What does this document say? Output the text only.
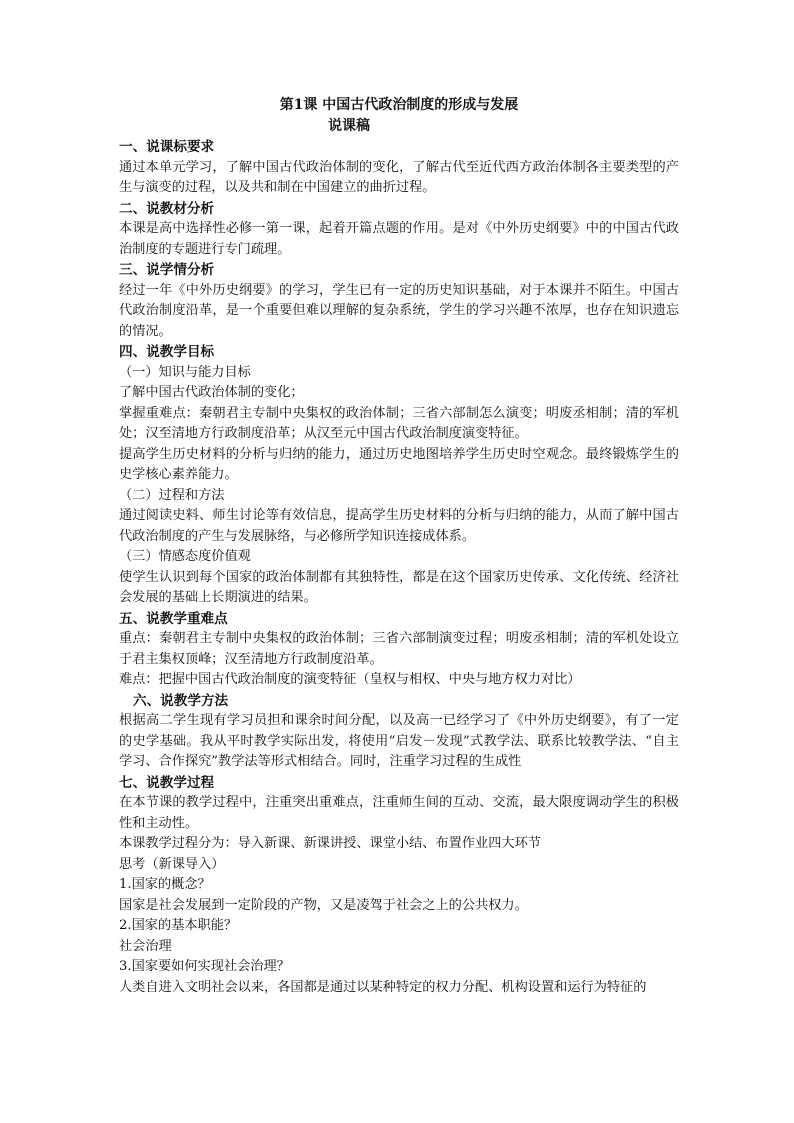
第1课 中国古代政治制度的形成与发展
说课稿
一、说课标要求
通过本单元学习，了解中国古代政治体制的变化，了解古代至近代西方政治体制各主要类型的产生与演变的过程，以及共和制在中国建立的曲折过程。
二、说教材分析
本课是高中选择性必修一第一课，起着开篇点题的作用。是对《中外历史纲要》中的中国古代政治制度的专题进行专门疏理。
三、说学情分析
经过一年《中外历史纲要》的学习，学生已有一定的历史知识基础，对于本课并不陌生。中国古代政治制度沿革，是一个重要但难以理解的复杂系统，学生的学习兴趣不浓厚，也存在知识遗忘的情况。
四、说教学目标
（一）知识与能力目标
了解中国古代政治体制的变化；
掌握重难点：秦朝君主专制中央集权的政治体制；三省六部制怎么演变；明废丞相制；清的军机处；汉至清地方行政制度沿革；从汉至元中国古代政治制度演变特征。
提高学生历史材料的分析与归纳的能力，通过历史地图培养学生历史时空观念。最终锻炼学生的史学核心素养能力。
（二）过程和方法
通过阅读史料、师生讨论等有效信息，提高学生历史材料的分析与归纳的能力，从而了解中国古代政治制度的产生与发展脉络，与必修所学知识连接成体系。
（三）情感态度价值观
使学生认识到每个国家的政治体制都有其独特性，都是在这个国家历史传承、文化传统、经济社会发展的基础上长期演进的结果。
五、说教学重难点
重点：秦朝君主专制中央集权的政治体制；三省六部制演变过程；明废丞相制；清的军机处设立于君主集权顶峰；汉至清地方行政制度沿革。
难点：把握中国古代政治制度的演变特征（皇权与相权、中央与地方权力对比）
六、说教学方法
根据高二学生现有学习员担和课余时间分配，以及高一已经学习了《中外历史纲要》，有了一定的史学基础。我从平时教学实际出发，将使用“启发－发现”式教学法、联系比较教学法、“自主学习、合作探究”教学法等形式相结合。同时，注重学习过程的生成性
七、说教学过程
在本节课的教学过程中，注重突出重难点，注重师生间的互动、交流，最大限度调动学生的积极性和主动性。
本课教学过程分为：导入新课、新课讲授、课堂小结、布置作业四大环节
思考（新课导入）
1.国家的概念？
国家是社会发展到一定阶段的产物，又是凌驾于社会之上的公共权力。
2.国家的基本职能？
社会治理
3.国家要如何实现社会治理？
人类自进入文明社会以来，各国都是通过以某种特定的权力分配、机构设置和运行为特征的
